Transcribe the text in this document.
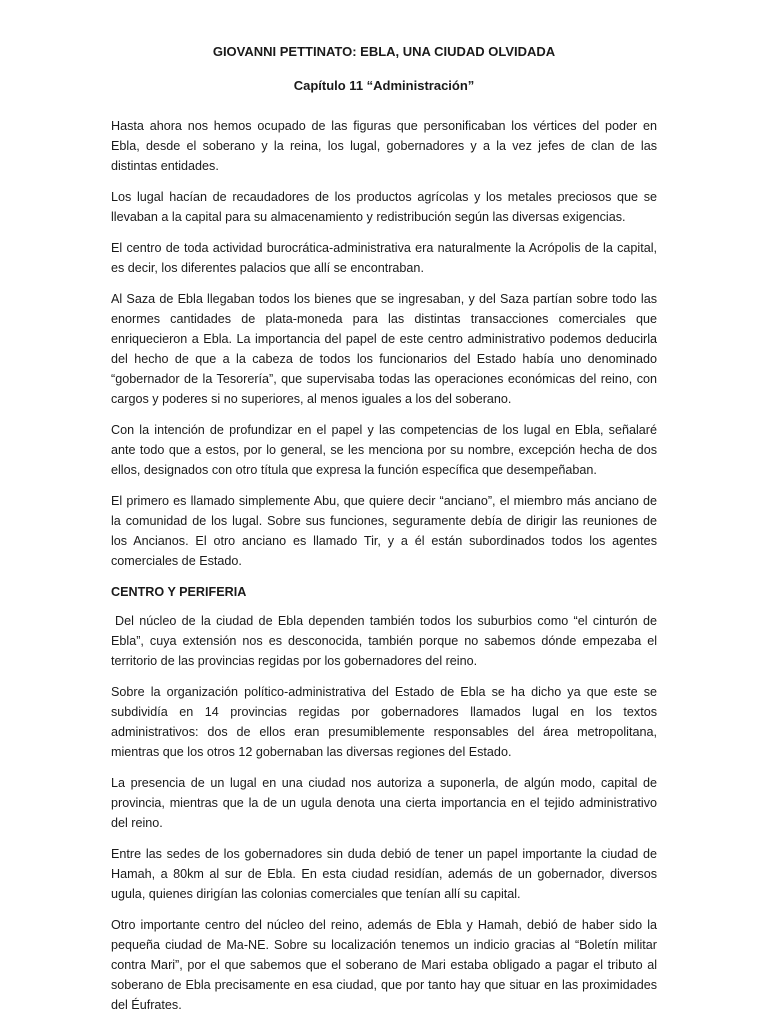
GIOVANNI PETTINATO: EBLA, UNA CIUDAD OLVIDADA
Capítulo 11 “Administración”

Hasta ahora nos hemos ocupado de las figuras que personificaban los vértices del poder en Ebla, desde el soberano y la reina, los lugal, gobernadores y a la vez jefes de clan de las distintas entidades.

Los lugal hacían de recaudadores de los productos agrícolas y los metales preciosos que se llevaban a la capital para su almacenamiento y redistribución según las diversas exigencias.

El centro de toda actividad burocrática-administrativa era naturalmente la Acrópolis de la capital, es decir, los diferentes palacios que allí se encontraban.

Al Saza de Ebla llegaban todos los bienes que se ingresaban, y del Saza partían sobre todo las enormes cantidades de plata-moneda para las distintas transacciones comerciales que enriquecieron a Ebla. La importancia del papel de este centro administrativo podemos deducirla del hecho de que a la cabeza de todos los funcionarios del Estado había uno denominado “gobernador de la Tesorería”, que supervisaba todas las operaciones económicas del reino, con cargos y poderes si no superiores, al menos iguales a los del soberano.

Con la intención de profundizar en el papel y las competencias de los lugal en Ebla, señalaré ante todo que a estos, por lo general, se les menciona por su nombre, excepción hecha de dos ellos, designados con otro títula que expresa la función específica que desempeñaban.

El primero es llamado simplemente Abu, que quiere decir “anciano”, el miembro más anciano de la comunidad de los lugal. Sobre sus funciones, seguramente debía de dirigir las reuniones de los Ancianos. El otro anciano es llamado Tir, y a él están subordinados todos los agentes comerciales de Estado.

CENTRO Y PERIFERIA

Del núcleo de la ciudad de Ebla dependen también todos los suburbios como “el cinturón de Ebla”, cuya extensión nos es desconocida, también porque no sabemos dónde empezaba el territorio de las provincias regidas por los gobernadores del reino.

Sobre la organización político-administrativa del Estado de Ebla se ha dicho ya que este se subdividía en 14 provincias regidas por gobernadores llamados lugal en los textos administrativos: dos de ellos eran presumiblemente responsables del área metropolitana, mientras que los otros 12 gobernaban las diversas regiones del Estado.

La presencia de un lugal en una ciudad nos autoriza a suponerla, de algún modo, capital de provincia, mientras que la de un ugula denota una cierta importancia en el tejido administrativo del reino.

Entre las sedes de los gobernadores sin duda debió de tener un papel importante la ciudad de Hamah, a 80km al sur de Ebla. En esta ciudad residían, además de un gobernador, diversos ugula, quienes dirigían las colonias comerciales que tenían allí su capital.

Otro importante centro del núcleo del reino, además de Ebla y Hamah, debió de haber sido la pequeña ciudad de Ma-NE. Sobre su localización tenemos un indicio gracias al “Boletín militar contra Mari”, por el que sabemos que el soberano de Mari estaba obligado a pagar el tributo al soberano de Ebla precisamente en esa ciudad, que por tanto hay que situar en las proximidades del Éufrates.
